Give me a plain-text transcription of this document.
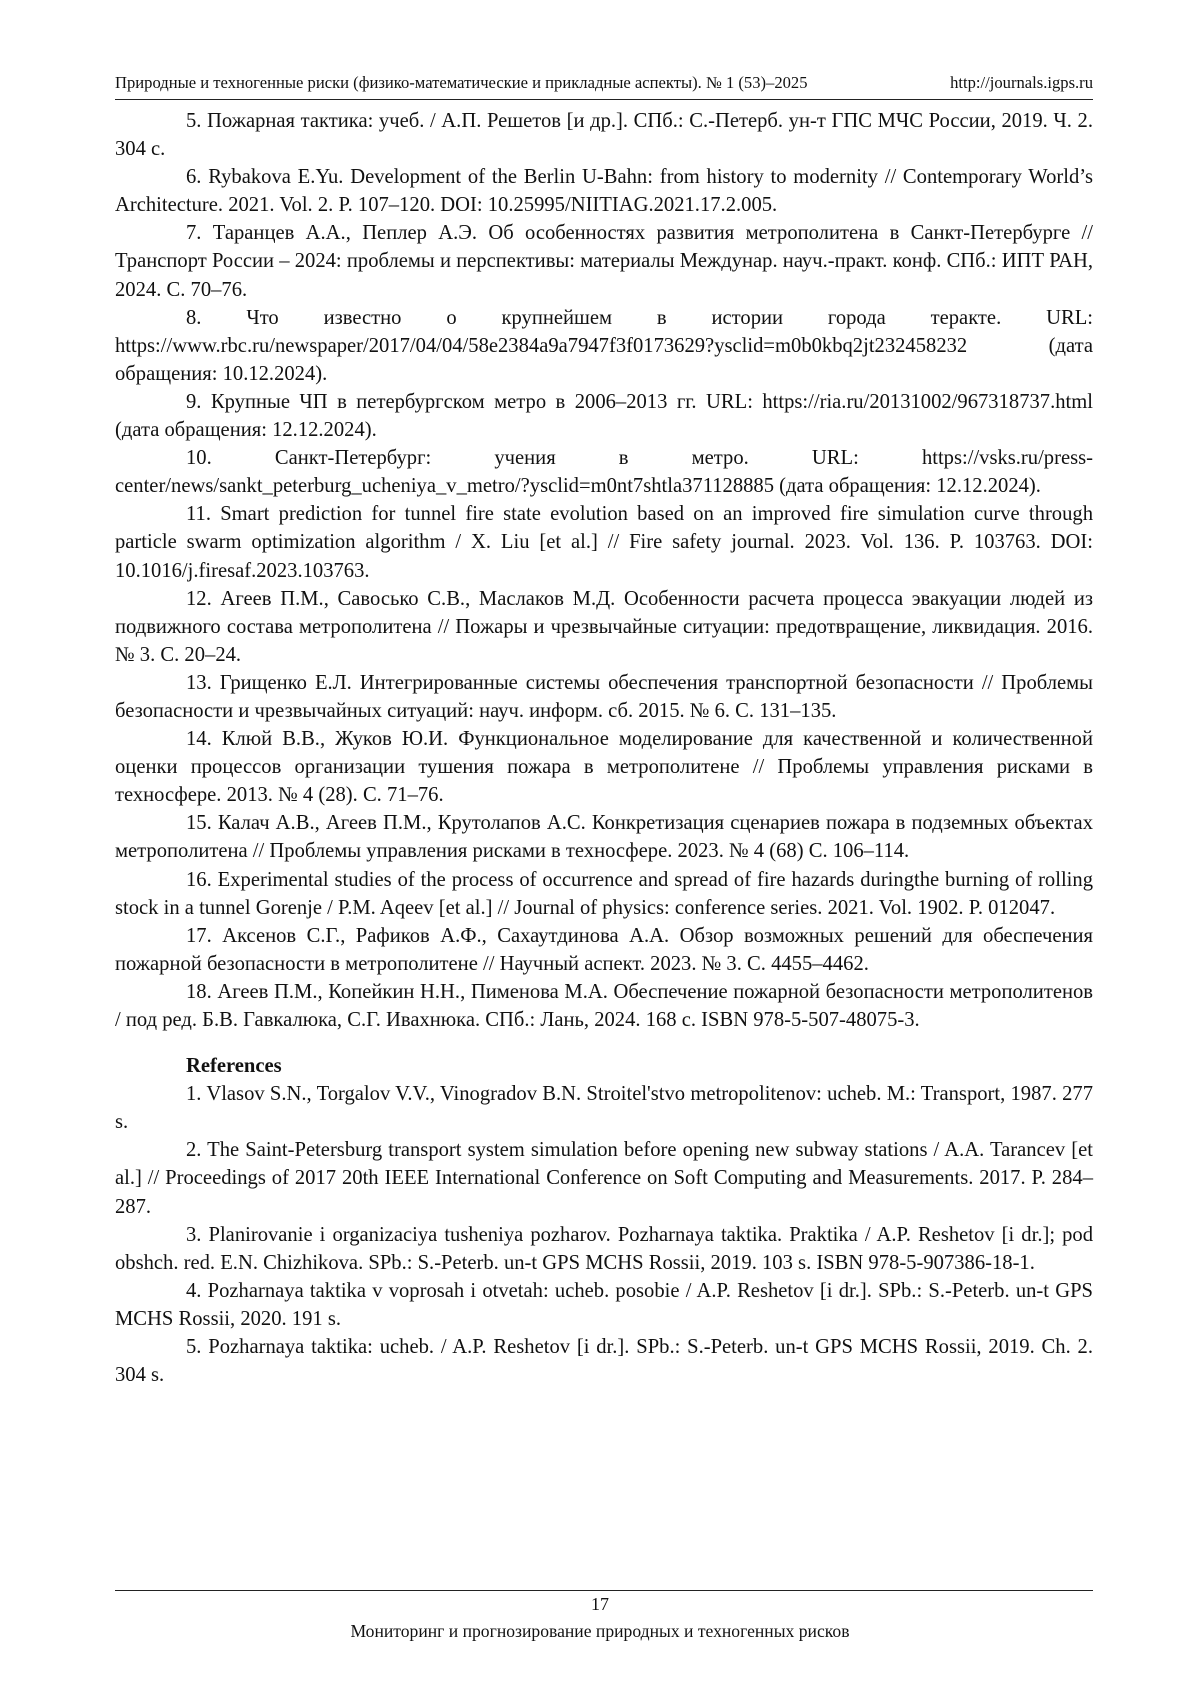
Природные и техногенные риски (физико-математические и прикладные аспекты). № 1 (53)–2025	http://journals.igps.ru

5. Пожарная тактика: учеб. / А.П. Решетов [и др.]. СПб.: С.-Петерб. ун-т ГПС МЧС России, 2019. Ч. 2. 304 с.

6. Rybakova E.Yu. Development of the Berlin U-Bahn: from history to modernity // Contemporary World’s Architecture. 2021. Vol. 2. P. 107–120. DOI: 10.25995/NIITIAG.2021.17.2.005.

7. Таранцев А.А., Пеплер А.Э. Об особенностях развития метрополитена в Санкт-Петербурге // Транспорт России – 2024: проблемы и перспективы: материалы Междунар. науч.-практ. конф. СПб.: ИПТ РАН, 2024. С. 70–76.

8. Что известно о крупнейшем в истории города теракте. URL: https://www.rbc.ru/newspaper/2017/04/04/58e2384a9a7947f3f0173629?ysclid=m0b0kbq2jt232458232 (дата обращения: 10.12.2024).

9. Крупные ЧП в петербургском метро в 2006–2013 гг. URL: https://ria.ru/20131002/967318737.html (дата обращения: 12.12.2024).

10. Санкт-Петербург: учения в метро. URL: https://vsks.ru/press-center/news/sankt_peterburg_ucheniya_v_metro/?ysclid=m0nt7shtla371128885 (дата обращения: 12.12.2024).

11. Smart prediction for tunnel fire state evolution based on an improved fire simulation curve through particle swarm optimization algorithm / X. Liu [et al.] // Fire safety journal. 2023. Vol. 136. P. 103763. DOI: 10.1016/j.firesaf.2023.103763.

12. Агеев П.М., Савосько С.В., Маслаков М.Д. Особенности расчета процесса эвакуации людей из подвижного состава метрополитена // Пожары и чрезвычайные ситуации: предотвращение, ликвидация. 2016. № 3. С. 20–24.

13. Грищенко Е.Л. Интегрированные системы обеспечения транспортной безопасности // Проблемы безопасности и чрезвычайных ситуаций: науч. информ. сб. 2015. № 6. С. 131–135.

14. Клюй В.В., Жуков Ю.И. Функциональное моделирование для качественной и количественной оценки процессов организации тушения пожара в метрополитене // Проблемы управления рисками в техносфере. 2013. № 4 (28). С. 71–76.

15. Калач А.В., Агеев П.М., Крутолапов А.С. Конкретизация сценариев пожара в подземных объектах метрополитена // Проблемы управления рисками в техносфере. 2023. № 4 (68) С. 106–114.

16. Experimental studies of the process of occurrence and spread of fire hazards duringthe burning of rolling stock in a tunnel Gorenje / P.M. Aqeev [et al.] // Journal of physics: conference series. 2021. Vol. 1902. P. 012047.

17. Аксенов С.Г., Рафиков А.Ф., Сахаутдинова А.А. Обзор возможных решений для обеспечения пожарной безопасности в метрополитене // Научный аспект. 2023. № 3. С. 4455–4462.

18. Агеев П.М., Копейкин Н.Н., Пименова М.А. Обеспечение пожарной безопасности метрополитенов / под ред. Б.В. Гавкалюка, С.Г. Ивахнюка. СПб.: Лань, 2024. 168 с. ISBN 978-5-507-48075-3.

References

1. Vlasov S.N., Torgalov V.V., Vinogradov B.N. Stroitel'stvo metropolitenov: ucheb. M.: Transport, 1987. 277 s.

2. The Saint-Petersburg transport system simulation before opening new subway stations / A.A. Tarancev [et al.] // Proceedings of 2017 20th IEEE International Conference on Soft Computing and Measurements. 2017. P. 284–287.

3. Planirovanie i organizaciya tusheniya pozharov. Pozharnaya taktika. Praktika / A.P. Reshetov [i dr.]; pod obshch. red. E.N. Chizhikova. SPb.: S.-Peterb. un-t GPS MCHS Rossii, 2019. 103 s. ISBN 978-5-907386-18-1.

4. Pozharnaya taktika v voprosah i otvetah: ucheb. posobie / A.P. Reshetov [i dr.]. SPb.: S.-Peterb. un-t GPS MCHS Rossii, 2020. 191 s.

5. Pozharnaya taktika: ucheb. / A.P. Reshetov [i dr.]. SPb.: S.-Peterb. un-t GPS MCHS Rossii, 2019. Ch. 2. 304 s.

17
Мониторинг и прогнозирование природных и техногенных рисков
